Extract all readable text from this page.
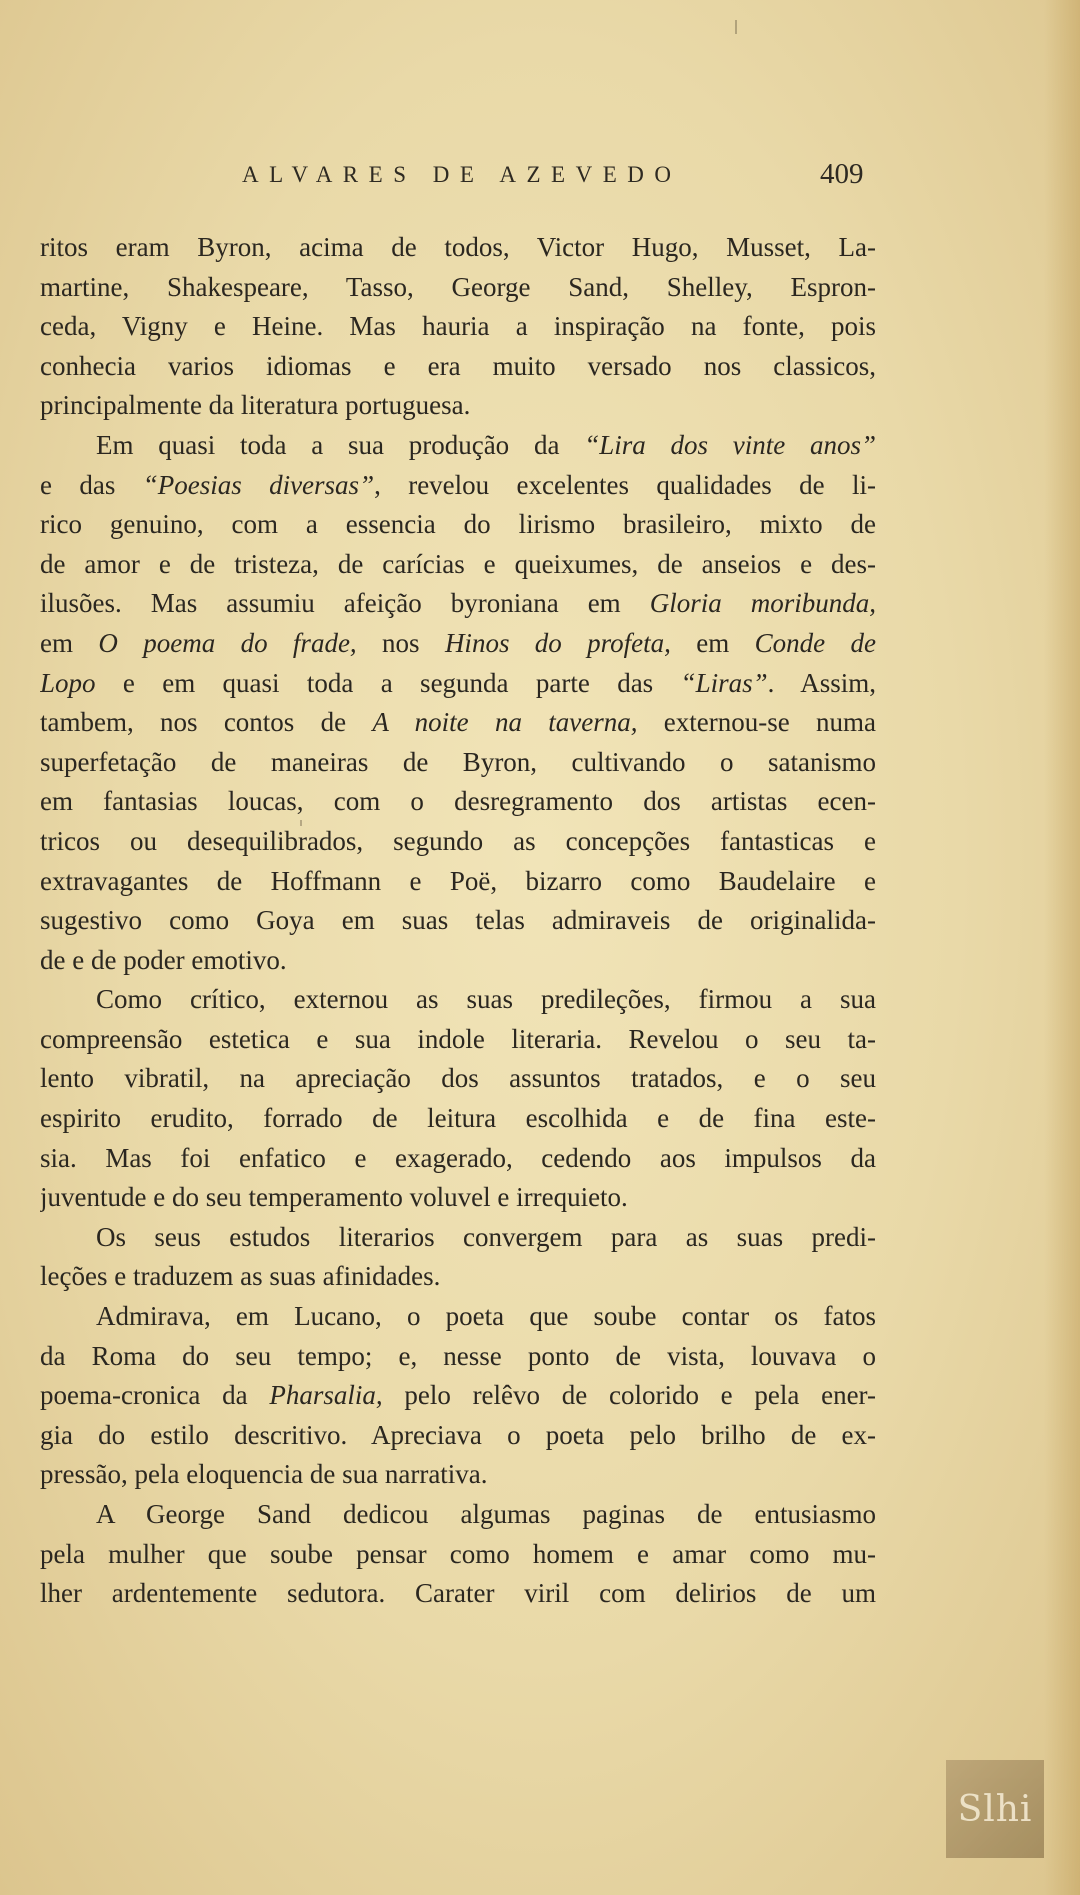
ALVARES DE AZEVEDO	409
ritos eram Byron, acima de todos, Victor Hugo, Musset, La-
martine, Shakespeare, Tasso, George Sand, Shelley, Espron-
ceda, Vigny e Heine. Mas hauria a inspiração na fonte, pois
conhecia varios idiomas e era muito versado nos classicos,
principalmente da literatura portuguesa.
Em quasi toda a sua produção da “Lira dos vinte anos”
e das “Poesias diversas”, revelou excelentes qualidades de li-
rico genuino, com a essencia do lirismo brasileiro, mixto de
de amor e de tristeza, de carícias e queixumes, de anseios e des-
ilusões. Mas assumiu afeição byroniana em Gloria moribunda,
em O poema do frade, nos Hinos do profeta, em Conde de
Lopo e em quasi toda a segunda parte das “Liras”. Assim,
tambem, nos contos de A noite na taverna, externou-se numa
superfetação de maneiras de Byron, cultivando o satanismo
em fantasias loucas, com o desregramento dos artistas ecen-
tricos ou desequilibrados, segundo as concepções fantasticas e
extravagantes de Hoffmann e Poë, bizarro como Baudelaire e
sugestivo como Goya em suas telas admiraveis de originalida-
de e de poder emotivo.
Como crítico, externou as suas predileções, firmou a sua
compreensão estetica e sua indole literaria. Revelou o seu ta-
lento vibratil, na apreciação dos assuntos tratados, e o seu
espirito erudito, forrado de leitura escolhida e de fina este-
sia. Mas foi enfatico e exagerado, cedendo aos impulsos da
juventude e do seu temperamento voluvel e irrequieto.
Os seus estudos literarios convergem para as suas predi-
leções e traduzem as suas afinidades.
Admirava, em Lucano, o poeta que soube contar os fatos
da Roma do seu tempo; e, nesse ponto de vista, louvava o
poema-cronica da Pharsalia, pelo relêvo de colorido e pela ener-
gia do estilo descritivo. Apreciava o poeta pelo brilho de ex-
pressão, pela eloquencia de sua narrativa.
A George Sand dedicou algumas paginas de entusiasmo
pela mulher que soube pensar como homem e amar como mu-
lher ardentemente sedutora. Carater viril com delirios de um
Slhi
